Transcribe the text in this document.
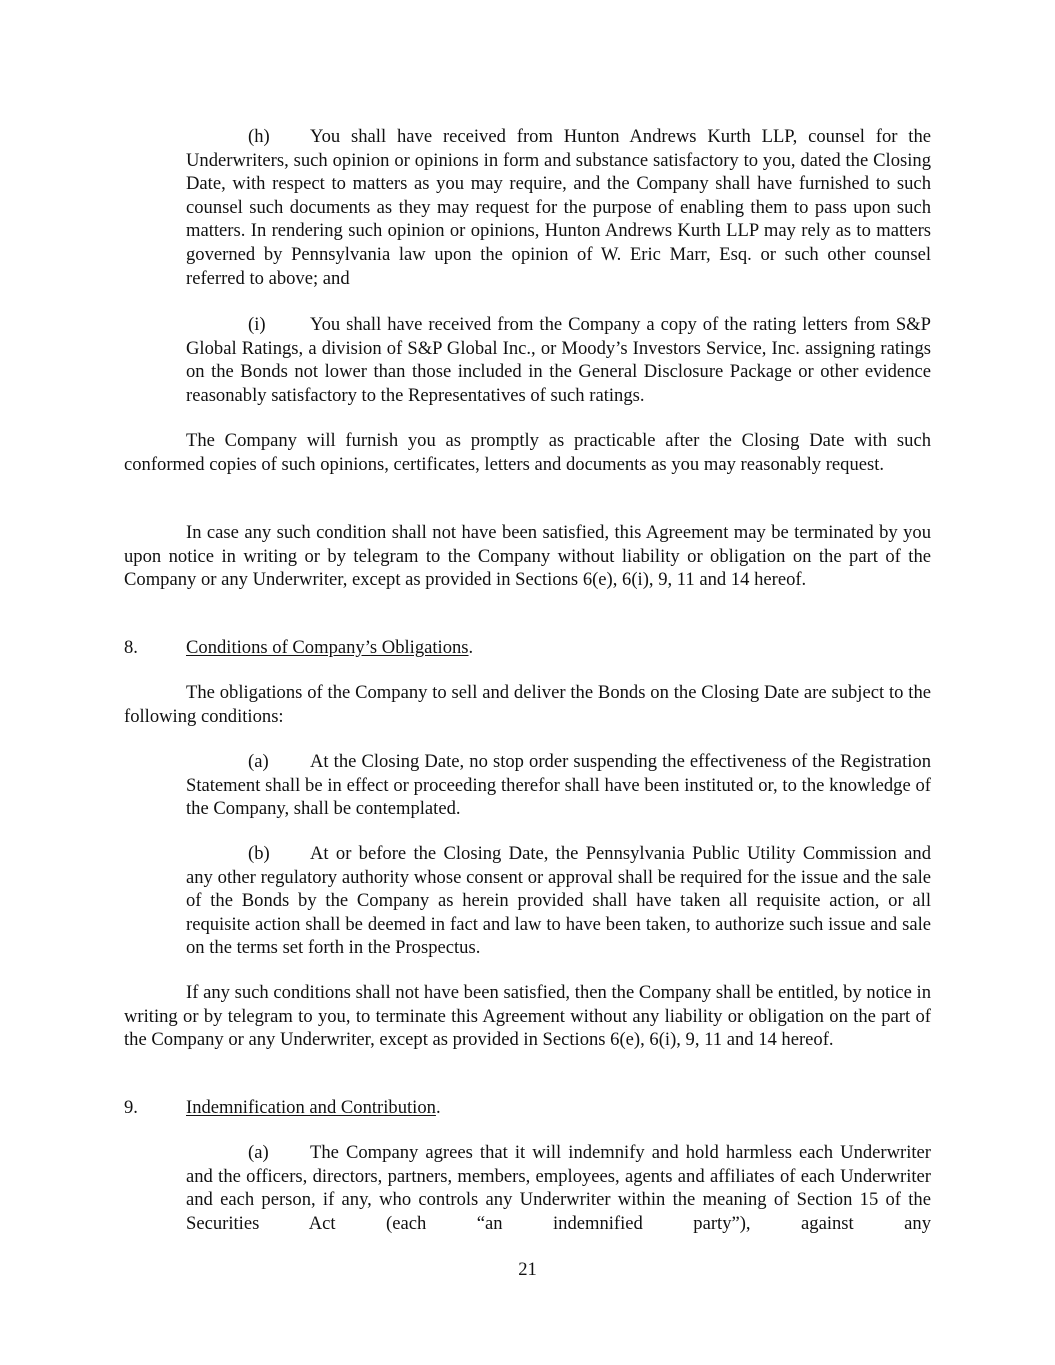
(h) You shall have received from Hunton Andrews Kurth LLP, counsel for the Underwriters, such opinion or opinions in form and substance satisfactory to you, dated the Closing Date, with respect to matters as you may require, and the Company shall have furnished to such counsel such documents as they may request for the purpose of enabling them to pass upon such matters. In rendering such opinion or opinions, Hunton Andrews Kurth LLP may rely as to matters governed by Pennsylvania law upon the opinion of W. Eric Marr, Esq. or such other counsel referred to above; and

(i) You shall have received from the Company a copy of the rating letters from S&P Global Ratings, a division of S&P Global Inc., or Moody’s Investors Service, Inc. assigning ratings on the Bonds not lower than those included in the General Disclosure Package or other evidence reasonably satisfactory to the Representatives of such ratings.

The Company will furnish you as promptly as practicable after the Closing Date with such conformed copies of such opinions, certificates, letters and documents as you may reasonably request.

In case any such condition shall not have been satisfied, this Agreement may be terminated by you upon notice in writing or by telegram to the Company without liability or obligation on the part of the Company or any Underwriter, except as provided in Sections 6(e), 6(i), 9, 11 and 14 hereof.

8.	Conditions of Company’s Obligations.

The obligations of the Company to sell and deliver the Bonds on the Closing Date are subject to the following conditions:

(a) At the Closing Date, no stop order suspending the effectiveness of the Registration Statement shall be in effect or proceeding therefor shall have been instituted or, to the knowledge of the Company, shall be contemplated.

(b) At or before the Closing Date, the Pennsylvania Public Utility Commission and any other regulatory authority whose consent or approval shall be required for the issue and the sale of the Bonds by the Company as herein provided shall have taken all requisite action, or all requisite action shall be deemed in fact and law to have been taken, to authorize such issue and sale on the terms set forth in the Prospectus.

If any such conditions shall not have been satisfied, then the Company shall be entitled, by notice in writing or by telegram to you, to terminate this Agreement without any liability or obligation on the part of the Company or any Underwriter, except as provided in Sections 6(e), 6(i), 9, 11 and 14 hereof.

9.	Indemnification and Contribution.

(a) The Company agrees that it will indemnify and hold harmless each Underwriter and the officers, directors, partners, members, employees, agents and affiliates of each Underwriter and each person, if any, who controls any Underwriter within the meaning of Section 15 of the Securities Act (each “an indemnified party”), against any

21
